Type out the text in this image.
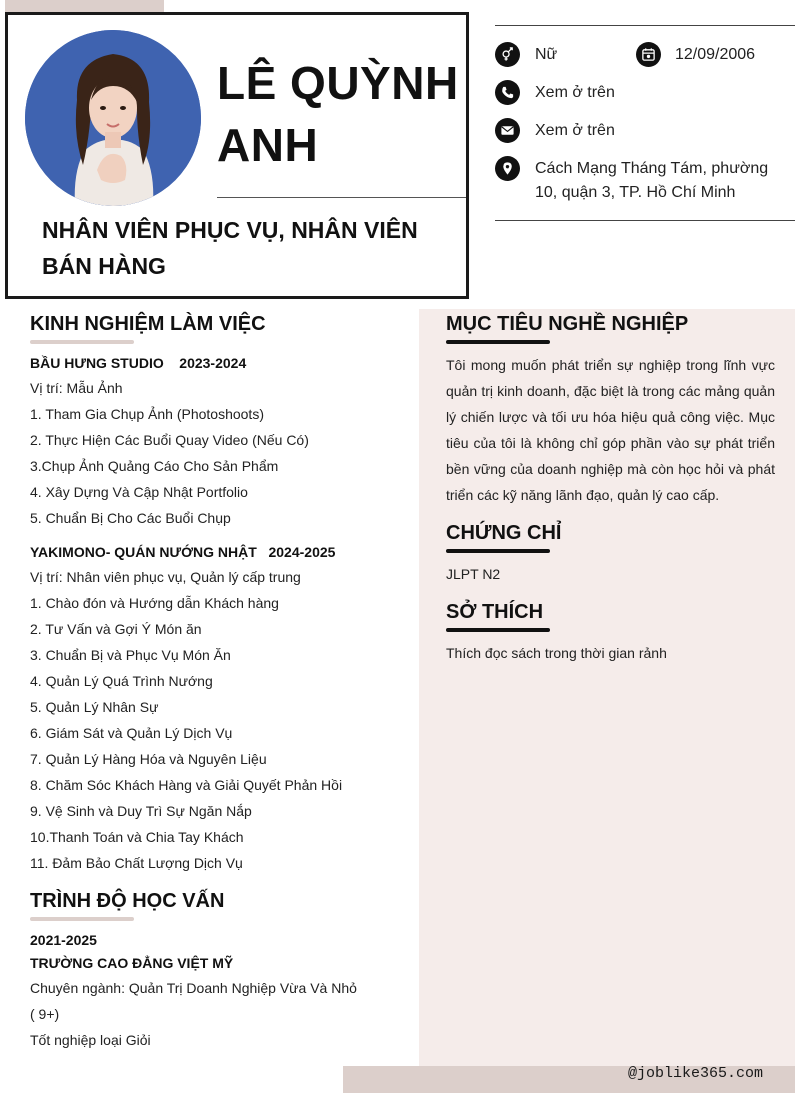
LÊ QUỲNH ANH
NHÂN VIÊN PHỤC VỤ, NHÂN VIÊN BÁN HÀNG
Nữ	12/09/2006
Xem ở trên
Xem ở trên
Cách Mạng Tháng Tám, phường 10, quận 3, TP. Hồ Chí Minh
KINH NGHIỆM LÀM VIỆC
BẦU HƯNG STUDIO    2023-2024
Vị trí: Mẫu Ảnh
1. Tham Gia Chụp Ảnh (Photoshoots)
2. Thực Hiện Các Buổi Quay Video (Nếu Có)
3.Chụp Ảnh Quảng Cáo Cho Sản Phẩm
4. Xây Dựng Và Cập Nhật Portfolio
5. Chuẩn Bị Cho Các Buổi Chụp
YAKIMONO- QUÁN NƯỚNG NHẬT   2024-2025
Vị trí: Nhân viên phục vụ, Quản lý cấp trung
1. Chào đón và Hướng dẫn Khách hàng
2. Tư Vấn và Gợi Ý Món ăn
3. Chuẩn Bị và Phục Vụ Món Ăn
4. Quản Lý Quá Trình Nướng
5. Quản Lý Nhân Sự
6. Giám Sát và Quản Lý Dịch Vụ
7. Quản Lý Hàng Hóa và Nguyên Liệu
8. Chăm Sóc Khách Hàng và Giải Quyết Phản Hồi
9. Vệ Sinh và Duy Trì Sự Ngăn Nắp
10.Thanh Toán và Chia Tay Khách
11. Đảm Bảo Chất Lượng Dịch Vụ
TRÌNH ĐỘ HỌC VẤN
2021-2025
TRƯỜNG CAO ĐẲNG VIỆT MỸ
Chuyên ngành: Quản Trị Doanh Nghiệp Vừa Và Nhỏ
( 9+)
Tốt nghiệp loại Giỏi
MỤC TIÊU NGHỀ NGHIỆP
Tôi mong muốn phát triển sự nghiệp trong lĩnh vực quản trị kinh doanh, đặc biệt là trong các mảng quản lý chiến lược và tối ưu hóa hiệu quả công việc. Mục tiêu của tôi là không chỉ góp phần vào sự phát triển bền vững của doanh nghiệp mà còn học hỏi và phát triển các kỹ năng lãnh đạo, quản lý cao cấp.
CHỨNG CHỈ
JLPT N2
SỞ THÍCH
Thích đọc sách trong thời gian rảnh
@joblike365.com
